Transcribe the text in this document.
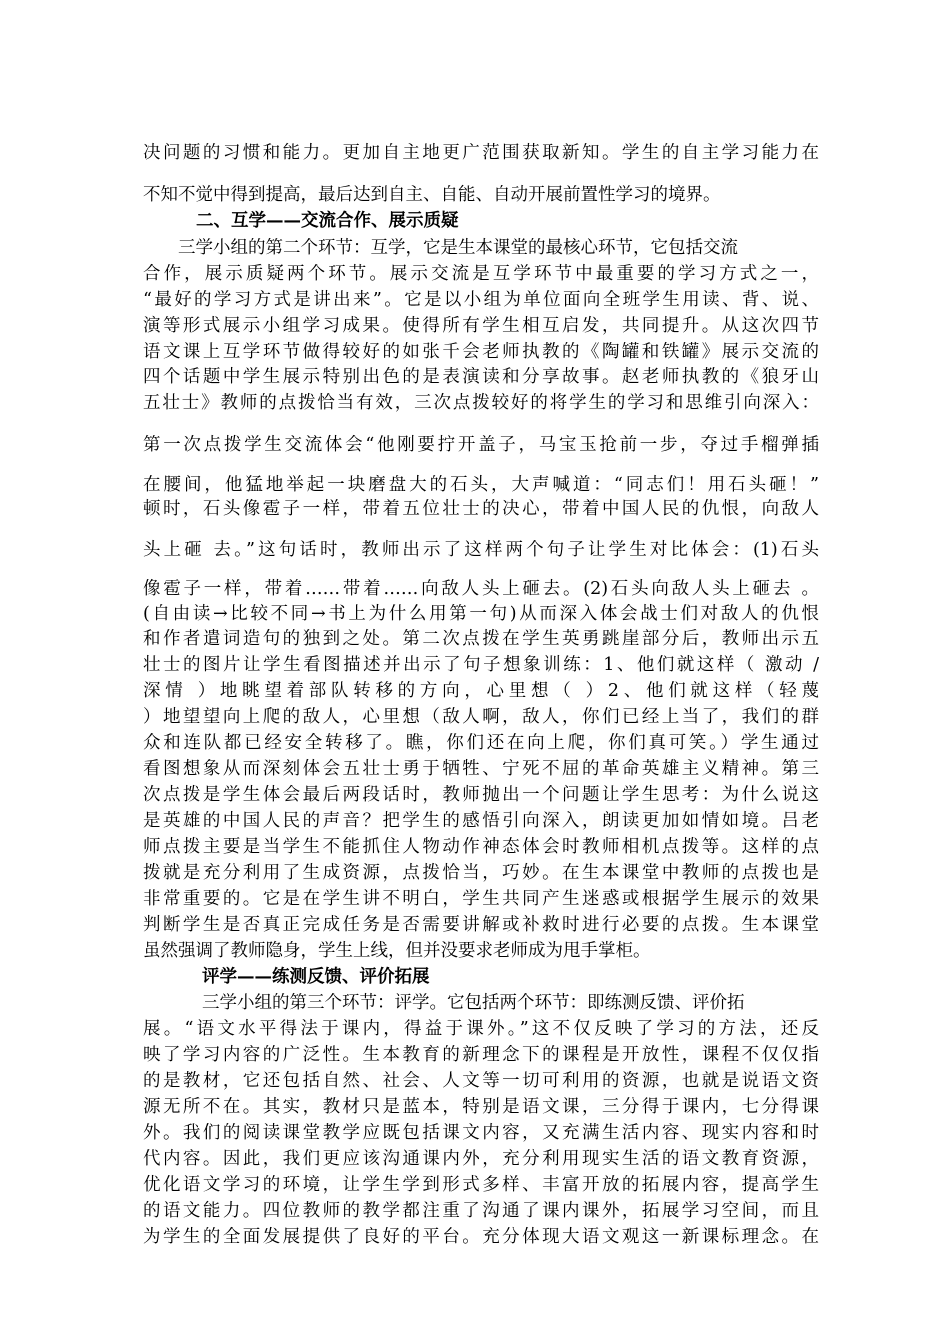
决问题的习惯和能力。更加自主地更广范围获取新知。学生的自主学习能力在
不知不觉中得到提高，最后达到自主、自能、自动开展前置性学习的境界。
二、互学——交流合作、展示质疑
三学小组的第二个环节：互学，它是生本课堂的最核心环节，它包括交流
合作，展示质疑两个环节。展示交流是互学环节中最重要的学习方式之一，
“最好的学习方式是讲出来”。它是以小组为单位面向全班学生用读、背、说、
演等形式展示小组学习成果。使得所有学生相互启发，共同提升。从这次四节
语文课上互学环节做得较好的如张千会老师执教的《陶罐和铁罐》展示交流的
四个话题中学生展示特别出色的是表演读和分享故事。赵老师执教的《狼牙山
五壮士》教师的点拨恰当有效，三次点拨较好的将学生的学习和思维引向深入：
第一次点拨学生交流体会“他刚要拧开盖子，马宝玉抢前一步，夺过手榴弹插
在腰间，他猛地举起一块磨盘大的石头，大声喊道：“同志们！用石头砸！”
顿时，石头像雹子一样，带着五位壮士的决心，带着中国人民的仇恨，向敌人
头上砸 去。”这句话时，教师出示了这样两个句子让学生对比体会：(1)石头
像雹子一样，带着……带着……向敌人头上砸去。(2)石头向敌人头上砸去 。
(自由读→比较不同→书上为什么用第一句)从而深入体会战士们对敌人的仇恨
和作者遣词造句的独到之处。第二次点拨在学生英勇跳崖部分后，教师出示五
壮士的图片让学生看图描述并出示了句子想象训练：1、他们就这样（ 激动 /
深情 ）地眺望着部队转移的方向，心里想（ ）2、他们就这样（轻蔑
）地望望向上爬的敌人，心里想（敌人啊，敌人，你们已经上当了，我们的群
众和连队都已经安全转移了。瞧，你们还在向上爬，你们真可笑。）学生通过
看图想象从而深刻体会五壮士勇于牺牲、宁死不屈的革命英雄主义精神。第三
次点拨是学生体会最后两段话时，教师抛出一个问题让学生思考：为什么说这
是英雄的中国人民的声音？把学生的感悟引向深入，朗读更加如情如境。吕老
师点拨主要是当学生不能抓住人物动作神态体会时教师相机点拨等。这样的点
拨就是充分利用了生成资源，点拨恰当，巧妙。在生本课堂中教师的点拨也是
非常重要的。它是在学生讲不明白，学生共同产生迷惑或根据学生展示的效果
判断学生是否真正完成任务是否需要讲解或补救时进行必要的点拨。生本课堂
虽然强调了教师隐身，学生上线，但并没要求老师成为甩手掌柜。
评学——练测反馈、评价拓展
三学小组的第三个环节：评学。它包括两个环节：即练测反馈、评价拓
展。“语文水平得法于课内，得益于课外。”这不仅反映了学习的方法，还反
映了学习内容的广泛性。生本教育的新理念下的课程是开放性，课程不仅仅指
的是教材，它还包括自然、社会、人文等一切可利用的资源，也就是说语文资
源无所不在。其实，教材只是蓝本，特别是语文课，三分得于课内，七分得课
外。我们的阅读课堂教学应既包括课文内容，又充满生活内容、现实内容和时
代内容。因此，我们更应该沟通课内外，充分利用现实生活的语文教育资源，
优化语文学习的环境，让学生学到形式多样、丰富开放的拓展内容，提高学生
的语文能力。四位教师的教学都注重了沟通了课内课外，拓展学习空间，而且
为学生的全面发展提供了良好的平台。充分体现大语文观这一新课标理念。在
